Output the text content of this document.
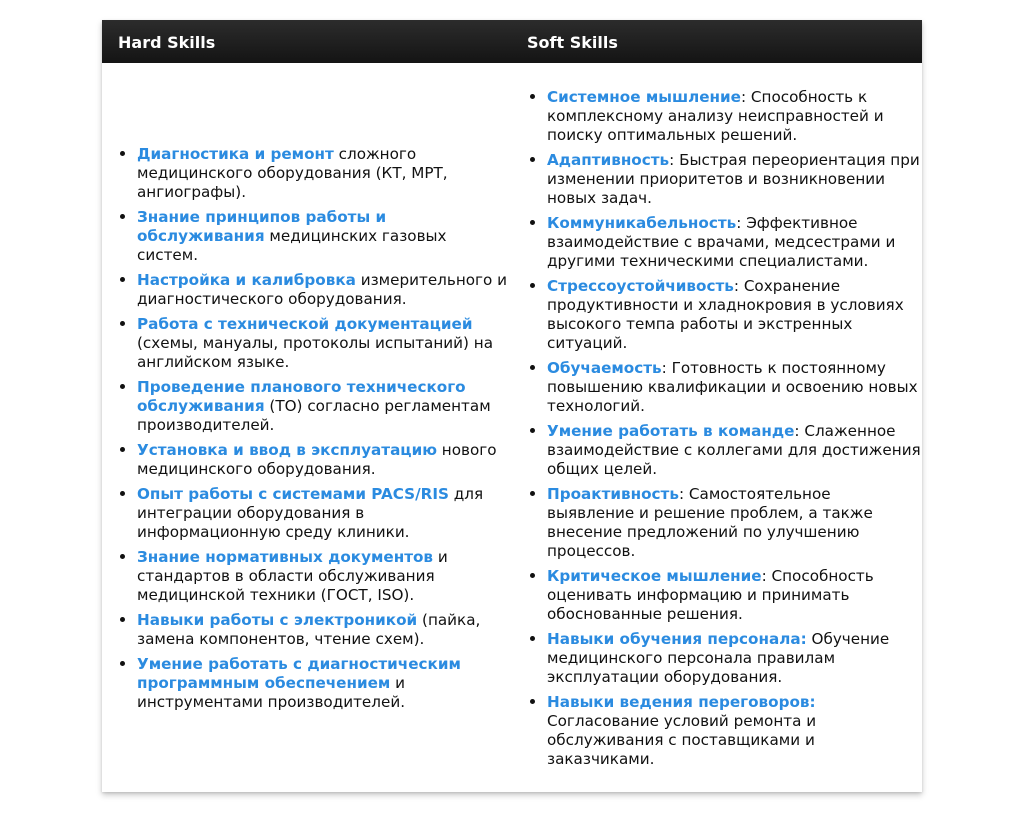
Hard Skills	Soft Skills
• Диагностика и ремонт сложного медицинского оборудования (КТ, МРТ, ангиографы).
• Знание принципов работы и обслуживания медицинских газовых систем.
• Настройка и калибровка измерительного и диагностического оборудования.
• Работа с технической документацией (схемы, мануалы, протоколы испытаний) на английском языке.
• Проведение планового технического обслуживания (ТО) согласно регламентам производителей.
• Установка и ввод в эксплуатацию нового медицинского оборудования.
• Опыт работы с системами PACS/RIS для интеграции оборудования в информационную среду клиники.
• Знание нормативных документов и стандартов в области обслуживания медицинской техники (ГОСТ, ISO).
• Навыки работы с электроникой (пайка, замена компонентов, чтение схем).
• Умение работать с диагностическим программным обеспечением и инструментами производителей.
• Системное мышление: Способность к комплексному анализу неисправностей и поиску оптимальных решений.
• Адаптивность: Быстрая переориентация при изменении приоритетов и возникновении новых задач.
• Коммуникабельность: Эффективное взаимодействие с врачами, медсестрами и другими техническими специалистами.
• Стрессоустойчивость: Сохранение продуктивности и хладнокровия в условиях высокого темпа работы и экстренных ситуаций.
• Обучаемость: Готовность к постоянному повышению квалификации и освоению новых технологий.
• Умение работать в команде: Слаженное взаимодействие с коллегами для достижения общих целей.
• Проактивность: Самостоятельное выявление и решение проблем, а также внесение предложений по улучшению процессов.
• Критическое мышление: Способность оценивать информацию и принимать обоснованные решения.
• Навыки обучения персонала: Обучение медицинского персонала правилам эксплуатации оборудования.
• Навыки ведения переговоров: Согласование условий ремонта и обслуживания с поставщиками и заказчиками.
